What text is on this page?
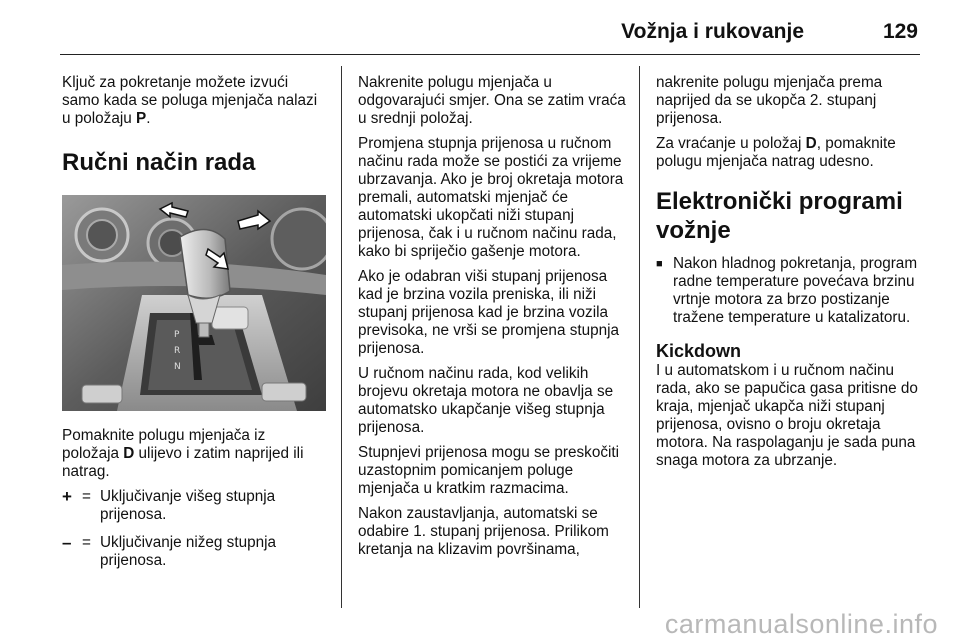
Vožnja i rukovanje	129

Ključ za pokretanje možete izvući samo kada se poluga mjenjača nalazi u položaju P.

Ručni način rada
P
R
N

Pomaknite polugu mjenjača iz položaja D ulijevo i zatim naprijed ili natrag.

+ = Uključivanje višeg stupnja prijenosa.
– = Uključivanje nižeg stupnja prijenosa.

Nakrenite polugu mjenjača u odgovarajući smjer. Ona se zatim vraća u srednji položaj.

Promjena stupnja prijenosa u ručnom načinu rada može se postići za vrijeme ubrzavanja. Ako je broj okretaja motora premali, automatski mjenjač će automatski ukopčati niži stupanj prijenosa, čak i u ručnom načinu rada, kako bi spriječio gašenje motora.

Ako je odabran viši stupanj prijenosa kad je brzina vozila preniska, ili niži stupanj prijenosa kad je brzina vozila previsoka, ne vrši se promjena stupnja prijenosa.

U ručnom načinu rada, kod velikih brojevu okretaja motora ne obavlja se automatsko ukapčanje višeg stupnja prijenosa.

Stupnjevi prijenosa mogu se preskočiti uzastopnim pomicanjem poluge mjenjača u kratkim razmacima.

Nakon zaustavljanja, automatski se odabire 1. stupanj prijenosa. Prilikom kretanja na klizavim površinama,

nakrenite polugu mjenjača prema naprijed da se ukopča 2. stupanj prijenosa.

Za vraćanje u položaj D, pomaknite polugu mjenjača natrag udesno.

Elektronički programi vožnje
■ Nakon hladnog pokretanja, program radne temperature povećava brzinu vrtnje motora za brzo postizanje tražene temperature u katalizatoru.
Kickdown

I u automatskom i u ručnom načinu rada, ako se papučica gasa pritisne do kraja, mjenjač ukapča niži stupanj prijenosa, ovisno o broju okretaja motora. Na raspolaganju je sada puna snaga motora za ubrzanje.

carmanualsonline.info
